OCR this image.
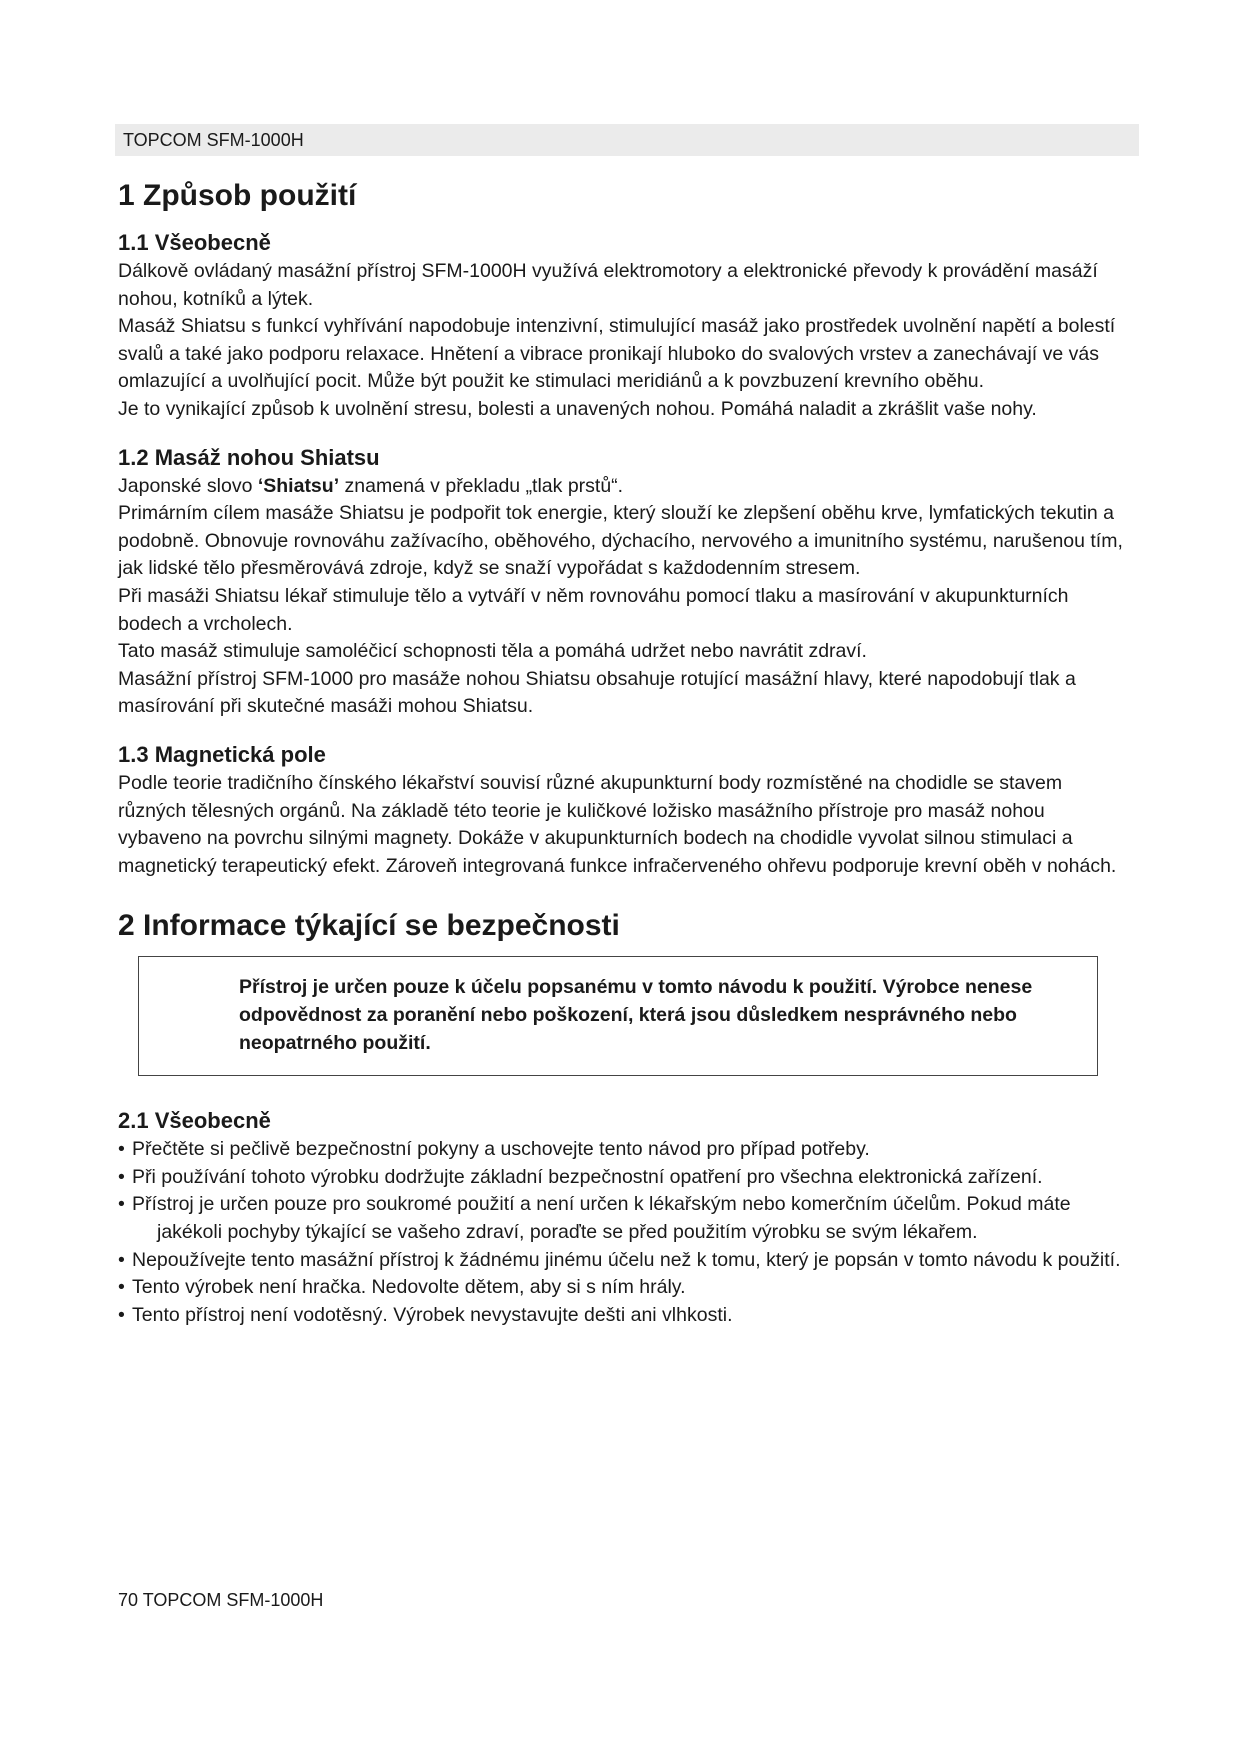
TOPCOM SFM-1000H
1 Způsob použití
1.1 Všeobecně

Dálkově ovládaný masážní přístroj SFM-1000H využívá elektromotory a elektronické převody k provádění masáží nohou, kotníků a lýtek.

Masáž Shiatsu s funkcí vyhřívání napodobuje intenzivní, stimulující masáž jako prostředek uvolnění napětí a bolestí svalů a také jako podporu relaxace. Hnětení a vibrace pronikají hluboko do svalových vrstev a zanechávají ve vás omlazující a uvolňující pocit. Může být použit ke stimulaci meridiánů a k povzbuzení krevního oběhu.

Je to vynikající způsob k uvolnění stresu, bolesti a unavených nohou. Pomáhá naladit a zkrášlit vaše nohy.

1.2 Masáž nohou Shiatsu

Japonské slovo ‘Shiatsu’ znamená v překladu „tlak prstů“.

Primárním cílem masáže Shiatsu je podpořit tok energie, který slouží ke zlepšení oběhu krve, lymfatických tekutin a podobně. Obnovuje rovnováhu zažívacího, oběhového, dýchacího, nervového a imunitního systému, narušenou tím, jak lidské tělo přesměrovává zdroje, když se snaží vypořádat s každodenním stresem.

Při masáži Shiatsu lékař stimuluje tělo a vytváří v něm rovnováhu pomocí tlaku a masírování v akupunkturních bodech a vrcholech.

Tato masáž stimuluje samoléčicí schopnosti těla a pomáhá udržet nebo navrátit zdraví.

Masážní přístroj SFM-1000 pro masáže nohou Shiatsu obsahuje rotující masážní hlavy, které napodobují tlak a masírování při skutečné masáži mohou Shiatsu.

1.3 Magnetická pole

Podle teorie tradičního čínského lékařství souvisí různé akupunkturní body rozmístěné na chodidle se stavem různých tělesných orgánů. Na základě této teorie je kuličkové ložisko masážního přístroje pro masáž nohou vybaveno na povrchu silnými magnety. Dokáže v akupunkturních bodech na chodidle vyvolat silnou stimulaci a magnetický terapeutický efekt. Zároveň integrovaná funkce infračerveného ohřevu podporuje krevní oběh v nohách.

2 Informace týkající se bezpečnosti
Přístroj je určen pouze k účelu popsanému v tomto návodu k použití. Výrobce nenese odpovědnost za poranění nebo poškození, která jsou důsledkem nesprávného nebo neopatrného použití.
2.1 Všeobecně
• Přečtěte si pečlivě bezpečnostní pokyny a uschovejte tento návod pro případ potřeby.
• Při používání tohoto výrobku dodržujte základní bezpečnostní opatření pro všechna elektronická zařízení.
• Přístroj je určen pouze pro soukromé použití a není určen k lékařským nebo komerčním účelům. Pokud máte jakékoli pochyby týkající se vašeho zdraví, poraďte se před použitím výrobku se svým lékařem.
• Nepoužívejte tento masážní přístroj k žádnému jinému účelu než k tomu, který je popsán v tomto návodu k použití.
• Tento výrobek není hračka. Nedovolte dětem, aby si s ním hrály.
• Tento přístroj není vodotěsný. Výrobek nevystavujte dešti ani vlhkosti.
70 TOPCOM SFM-1000H
